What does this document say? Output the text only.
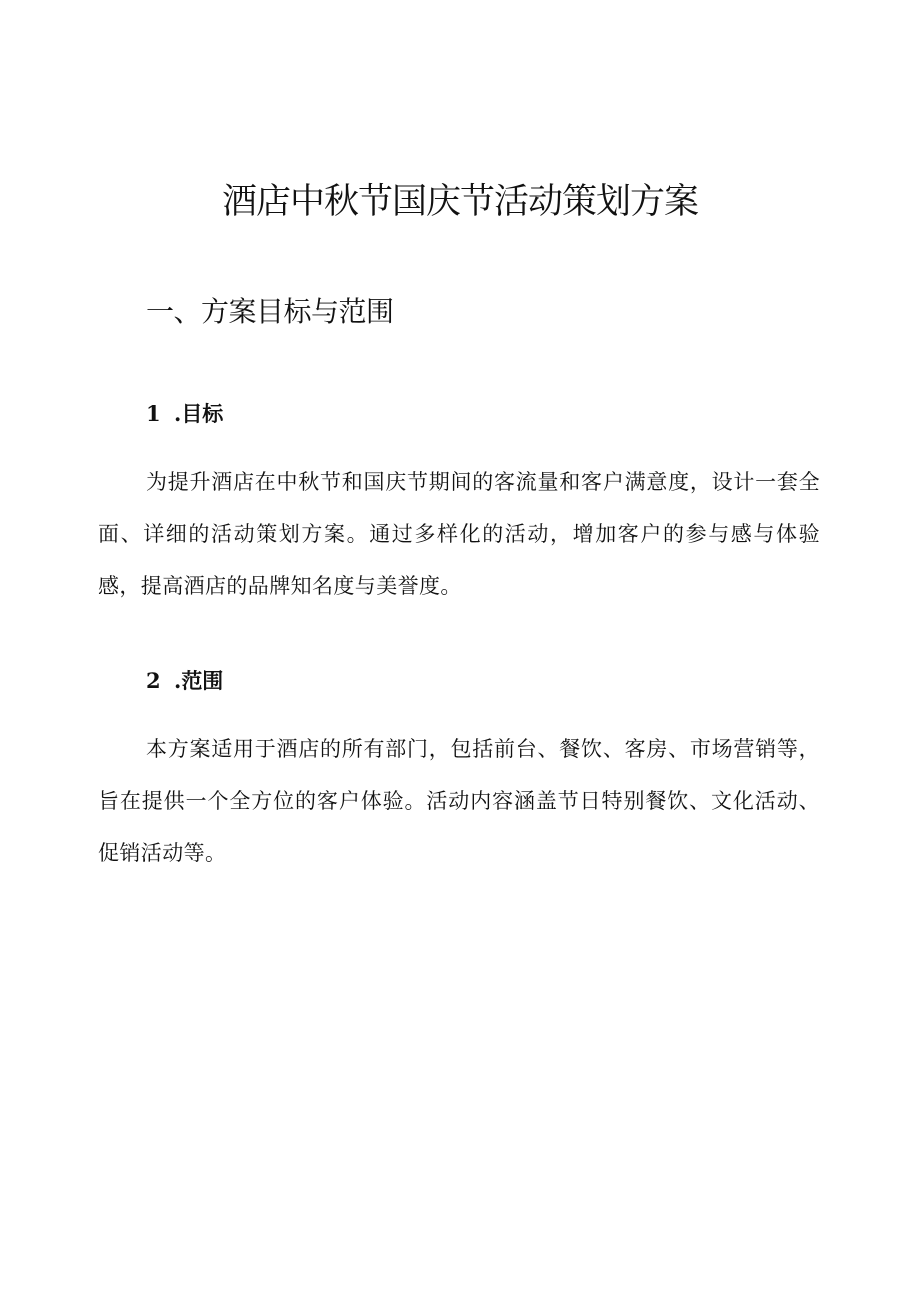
酒店中秋节国庆节活动策划方案
一、方案目标与范围
1 .目标

为提升酒店在中秋节和国庆节期间的客流量和客户满意度，设计一套全面、详细的活动策划方案。通过多样化的活动，增加客户的参与感与体验感，提高酒店的品牌知名度与美誉度。

2 .范围

本方案适用于酒店的所有部门，包括前台、餐饮、客房、市场营销等，旨在提供一个全方位的客户体验。活动内容涵盖节日特别餐饮、文化活动、促销活动等。
